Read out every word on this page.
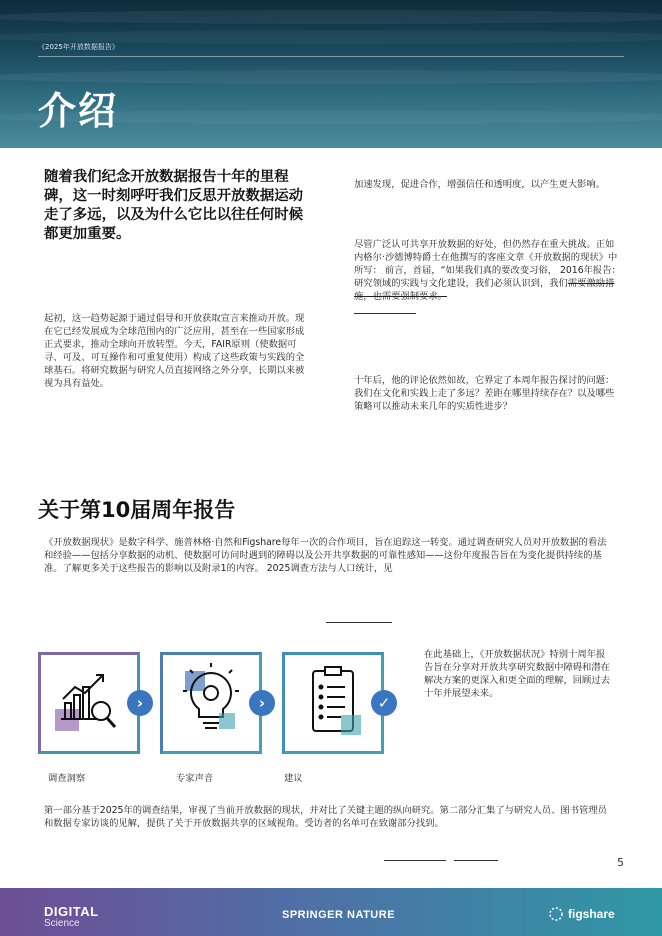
《2025年开放数据报告》
介绍
随着我们纪念开放数据报告十年的里程碑，这一时刻呼吁我们反思开放数据运动走了多远，以及为什么它比以往任何时候都更加重要。
起初，这一趋势起源于通过倡导和开放获取宣言来推动开放。现在它已经发展成为全球范围内的广泛应用，甚至在一些国家形成正式要求，推动全球向开放转型。今天，FAIR原则（使数据可寻、可及、可互操作和可重复使用）构成了这些政策与实践的全球基石。将研究数据与研究人员直接网络之外分享，长期以来被视为具有益处。
加速发现，促进合作，增强信任和透明度，以产生更大影响。
尽管广泛认可共享开放数据的好处，但仍然存在重大挑战。正如内格尔·沙德博特爵士在他撰写的客座文章《开放数据的现状》中所写： 前言，首届，“如果我们真的要改变习俗， 2016年报告：研究领域的实践与文化建设，我们必须认识到，我们需要激励措施，也需要强制要求。
十年后，他的评论依然如故，它界定了本周年报告探讨的问题：我们在文化和实践上走了多远？差距在哪里持续存在？以及哪些策略可以推动未来几年的实质性进步？
关于第10届周年报告
《开放数据现状》是数字科学、施普林格·自然和Figshare每年一次的合作项目，旨在追踪这一转变。通过调查研究人员对开放数据的看法和经验——包括分享数据的动机、使数据可访问时遇到的障碍以及公开共享数据的可靠性感知——这份年度报告旨在为变化提供持续的基准。了解更多关于这些报告的影响以及附录1的内容。 2025调查方法与人口统计，见
›	›	✓
调查洞察	专家声音	建议
在此基础上，《开放数据状况》特别十周年报告旨在分享对开放共享研究数据中障碍和潜在解决方案的更深入和更全面的理解，回顾过去十年并展望未来。
第一部分基于2025年的调查结果，审视了当前开放数据的现状，并对比了关键主题的纵向研究。第二部分汇集了与研究人员、图书管理员和数据专家访谈的见解，提供了关于开放数据共享的区域视角。受访者的名单可在致谢部分找到。
5
DIGITAL
Science
SPRINGER NATURE	figshare
